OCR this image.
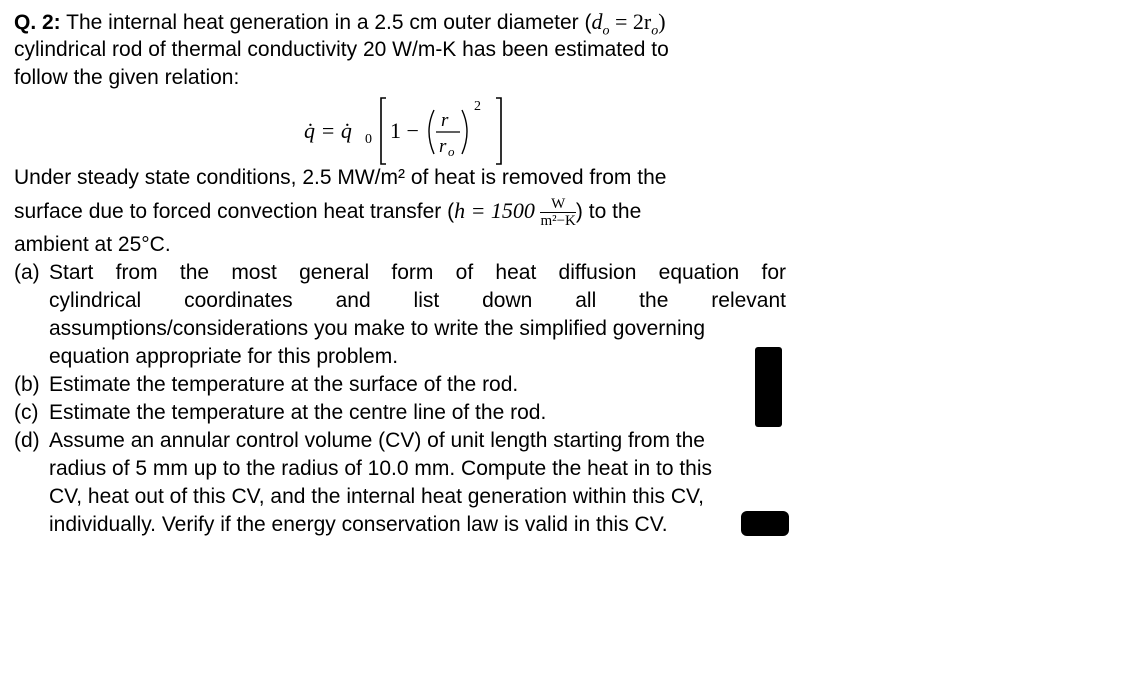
Q. 2: The internal heat generation in a 2.5 cm outer diameter $(d_o = 2r_o)$
cylindrical rod of thermal conductivity 20 W/m-K has been estimated to
follow the given relation:
q̇ = q̇ 0 1 − r
r o
2
Under steady state conditions, 2.5 MW/m² of heat is removed from the
surface due to forced convection heat transfer ($h = 1500 \frac{W}{\text{m²−K}}$ ) to the
ambient at 25°C.
(a) Start from the most general form of heat diffusion equation for
cylindrical coordinates and list down all the relevant
assumptions/considerations you make to write the simplified governing
equation appropriate for this problem.
(b) Estimate the temperature at the surface of the rod.
(c) Estimate the temperature at the centre line of the rod.
(d) Assume an annular control volume (CV) of unit length starting from the
radius of 5 mm up to the radius of 10.0 mm. Compute the heat in to this
CV, heat out of this CV, and the internal heat generation within this CV,
individually. Verify if the energy conservation law is valid in this CV.
